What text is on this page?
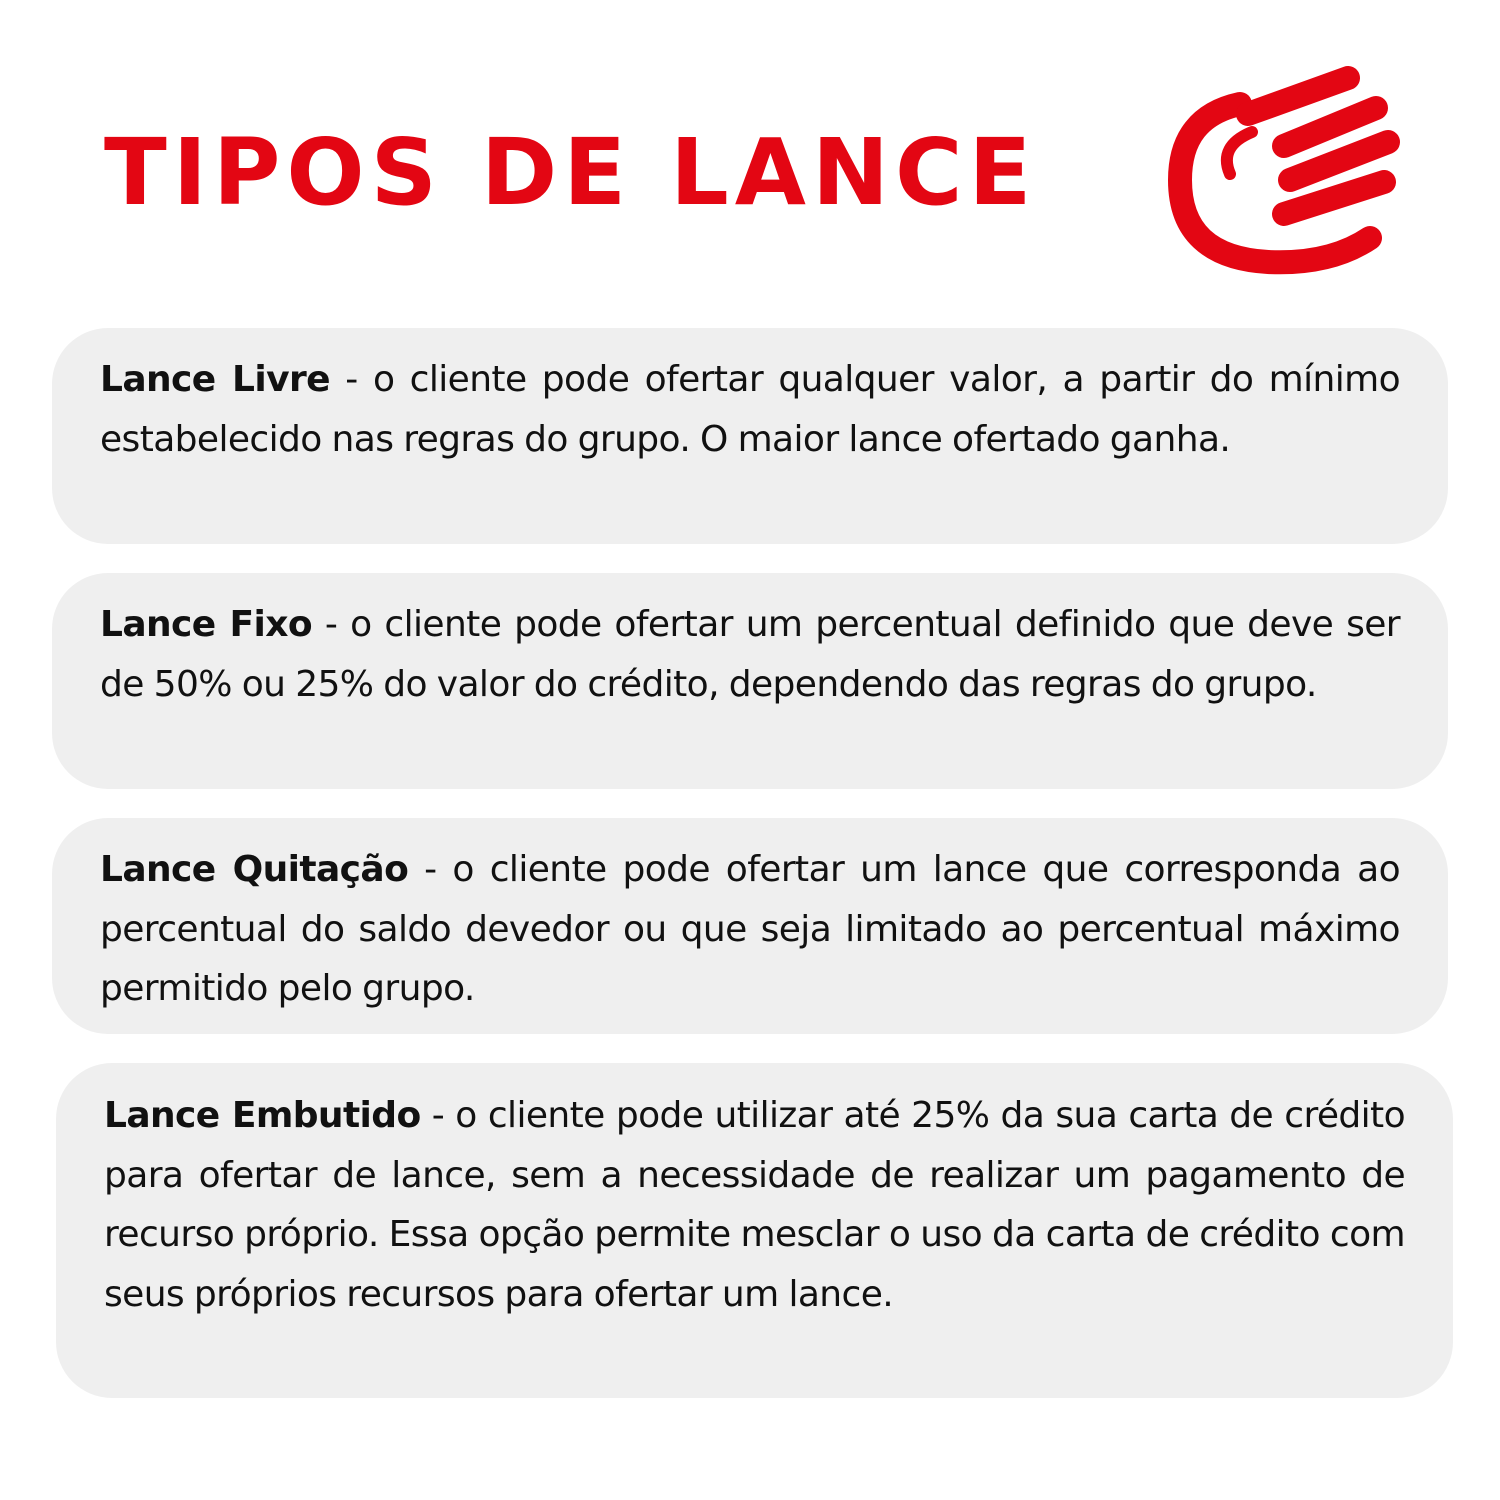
TIPOS DE LANCE

Lance Livre - o cliente pode ofertar qualquer valor, a partir do mínimo estabelecido nas regras do grupo. O maior lance ofertado ganha.

Lance Fixo - o cliente pode ofertar um percentual definido que deve ser de 50% ou 25% do valor do crédito, dependendo das regras do grupo.

Lance Quitação - o cliente pode ofertar um lance que corresponda ao percentual do saldo devedor ou que seja limitado ao percentual máximo permitido pelo grupo.

Lance Embutido - o cliente pode utilizar até 25% da sua carta de crédito para ofertar de lance, sem a necessidade de realizar um pagamento de recurso próprio. Essa opção permite mesclar o uso da carta de crédito com seus próprios recursos para ofertar um lance.
